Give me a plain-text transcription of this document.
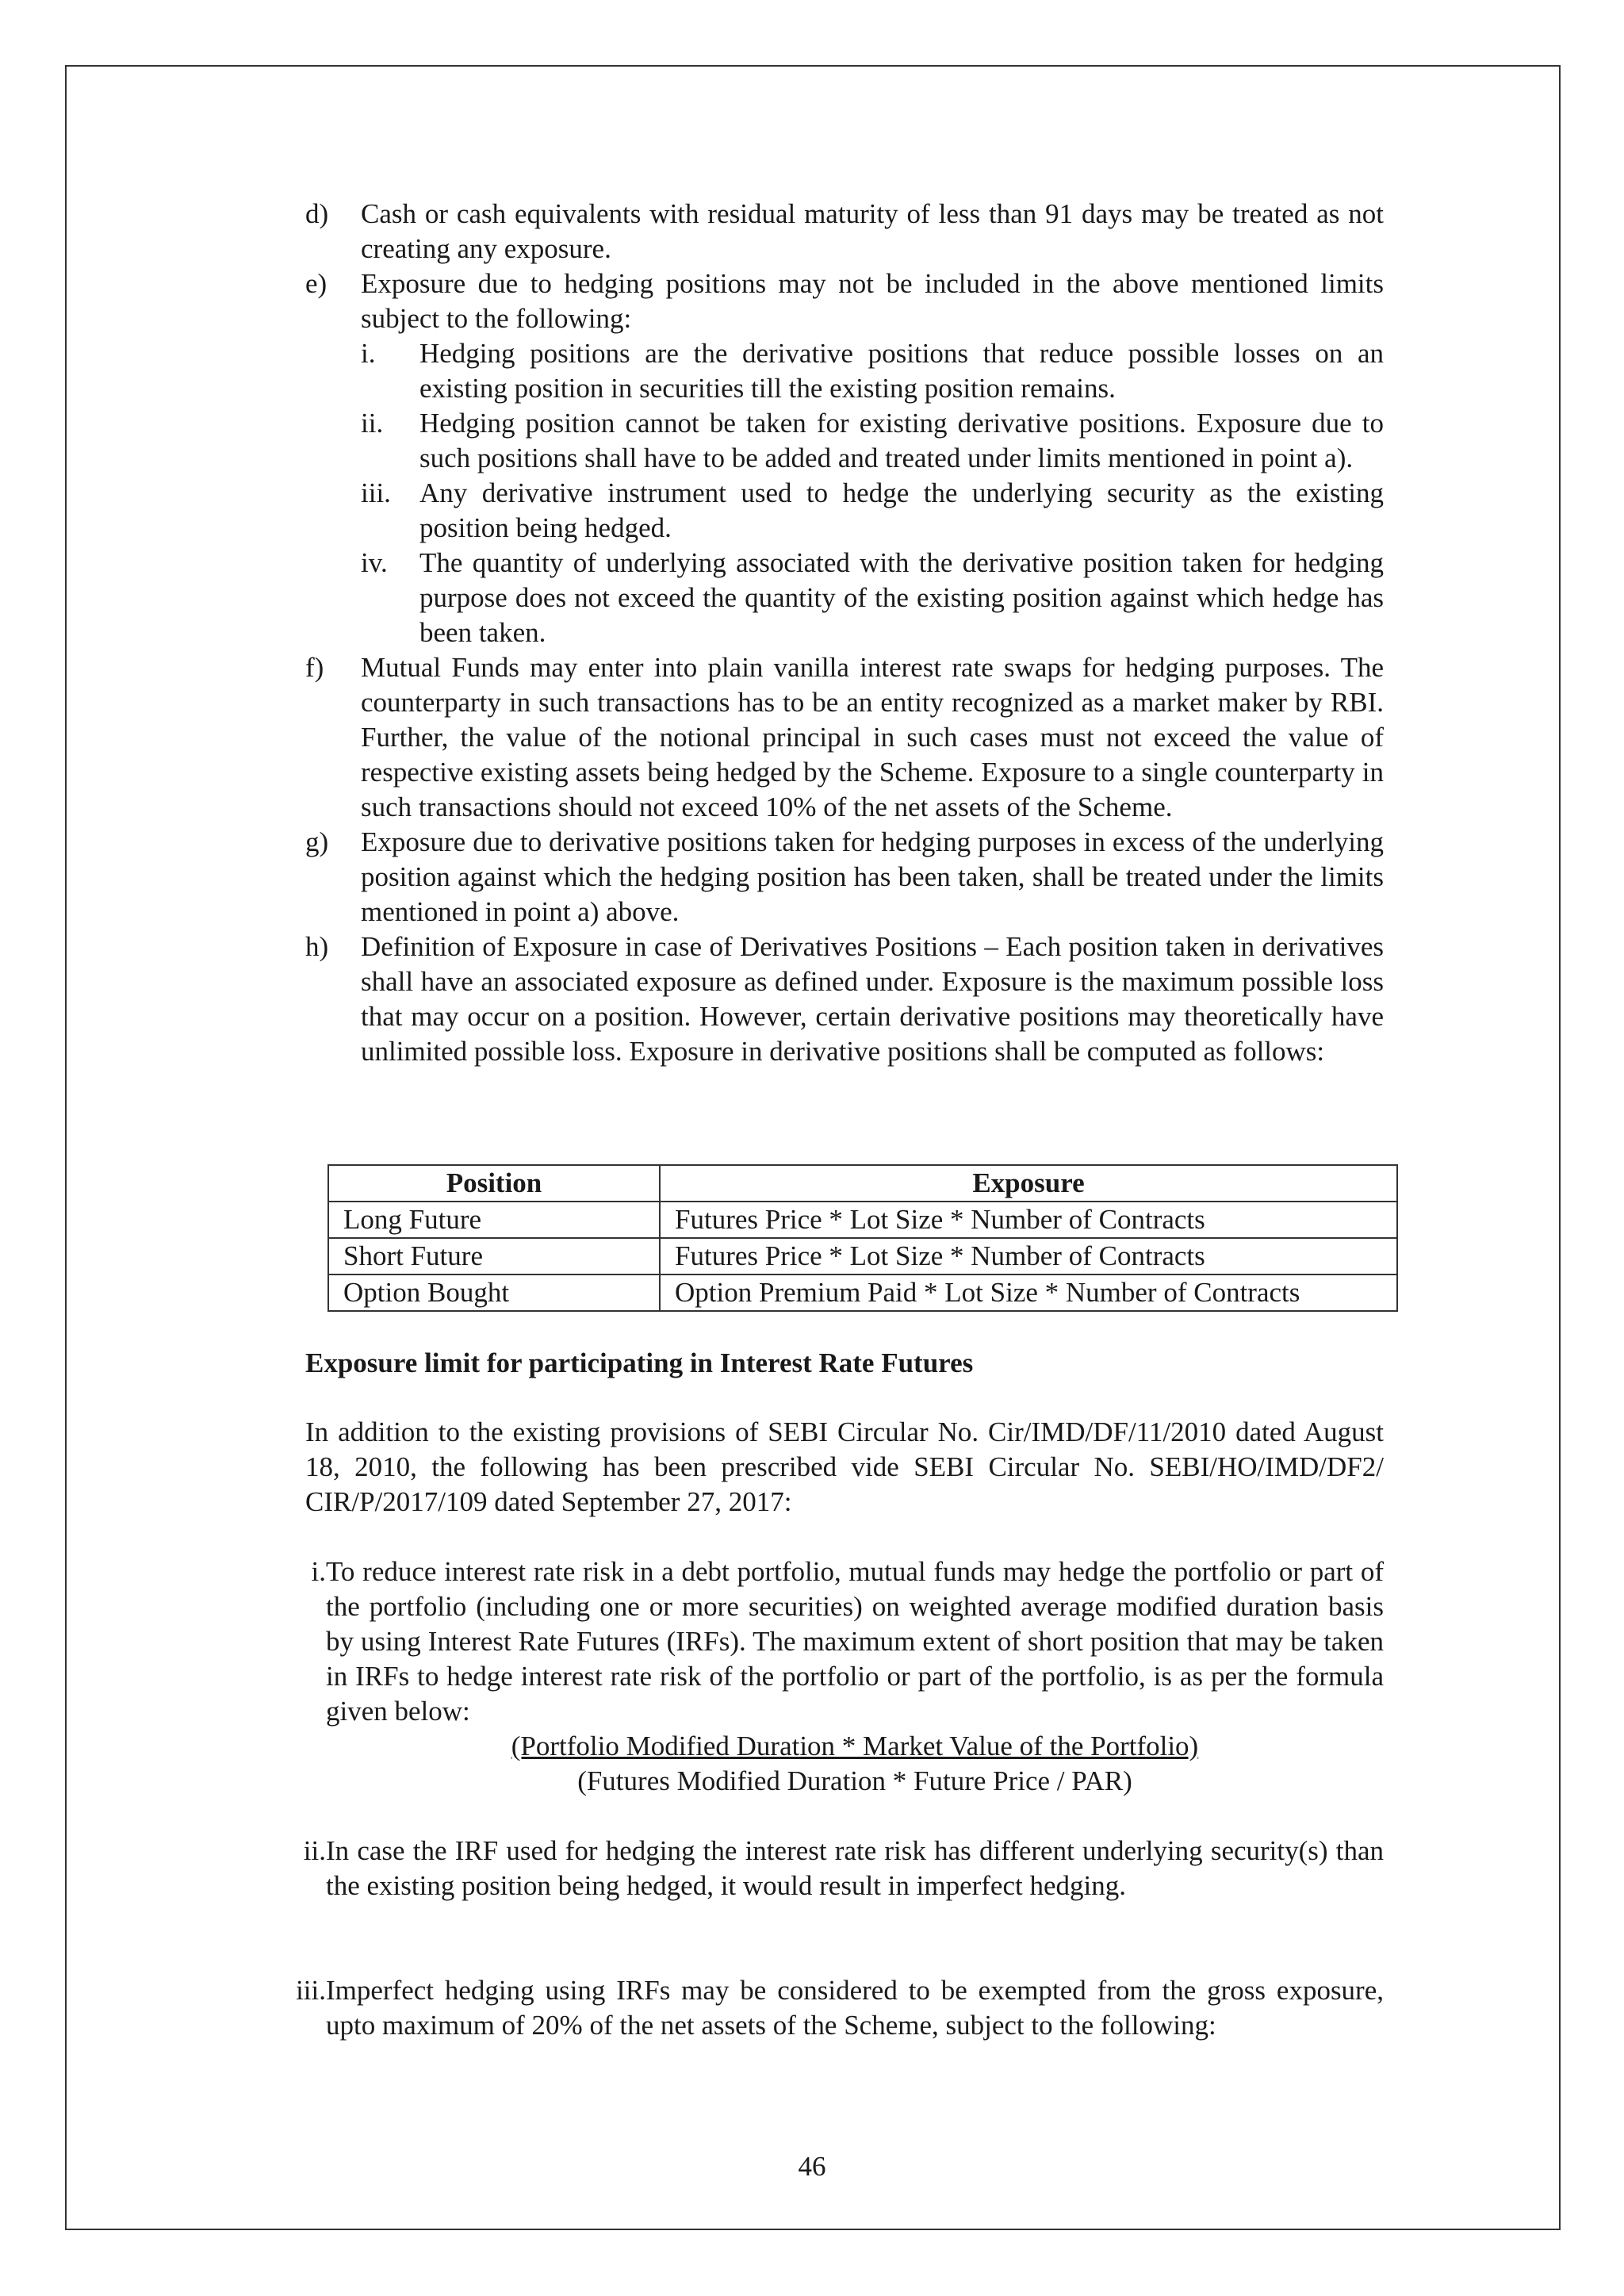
d)	Cash or cash equivalents with residual maturity of less than 91 days may be treated as not creating any exposure.
e)	Exposure due to hedging positions may not be included in the above mentioned limits subject to the following:
i.	Hedging positions are the derivative positions that reduce possible losses on an existing position in securities till the existing position remains.
ii.	Hedging position cannot be taken for existing derivative positions. Exposure due to such positions shall have to be added and treated under limits mentioned in point a).
iii.	Any derivative instrument used to hedge the underlying security as the existing position being hedged.
iv.	The quantity of underlying associated with the derivative position taken for hedging purpose does not exceed the quantity of the existing position against which hedge has been taken.
f)	Mutual Funds may enter into plain vanilla interest rate swaps for hedging purposes. The counterparty in such transactions has to be an entity recognized as a market maker by RBI. Further, the value of the notional principal in such cases must not exceed the value of respective existing assets being hedged by the Scheme. Exposure to a single counterparty in such transactions should not exceed 10% of the net assets of the Scheme.
g)	Exposure due to derivative positions taken for hedging purposes in excess of the underlying position against which the hedging position has been taken, shall be treated under the limits mentioned in point a) above.
h)	Definition of Exposure in case of Derivatives Positions – Each position taken in derivatives shall have an associated exposure as defined under. Exposure is the maximum possible loss that may occur on a position. However, certain derivative positions may theoretically have unlimited possible loss. Exposure in derivative positions shall be computed as follows:
Position	Exposure
Long Future	Futures Price * Lot Size * Number of Contracts
Short Future	Futures Price * Lot Size * Number of Contracts
Option Bought	Option Premium Paid * Lot Size * Number of Contracts
Exposure limit for participating in Interest Rate Futures
In addition to the existing provisions of SEBI Circular No. Cir/IMD/DF/11/2010 dated August 18, 2010, the following has been prescribed vide SEBI Circular No. SEBI/HO/IMD/DF2/ CIR/P/2017/109 dated September 27, 2017:
i. To reduce interest rate risk in a debt portfolio, mutual funds may hedge the portfolio or part of the portfolio (including one or more securities) on weighted average modified duration basis by using Interest Rate Futures (IRFs). The maximum extent of short position that may be taken in IRFs to hedge interest rate risk of the portfolio or part of the portfolio, is as per the formula given below:
(Portfolio Modified Duration * Market Value of the Portfolio)
(Futures Modified Duration * Future Price / PAR)
ii. In case the IRF used for hedging the interest rate risk has different underlying security(s) than the existing position being hedged, it would result in imperfect hedging.
iii. Imperfect hedging using IRFs may be considered to be exempted from the gross exposure, upto maximum of 20% of the net assets of the Scheme, subject to the following:
46
